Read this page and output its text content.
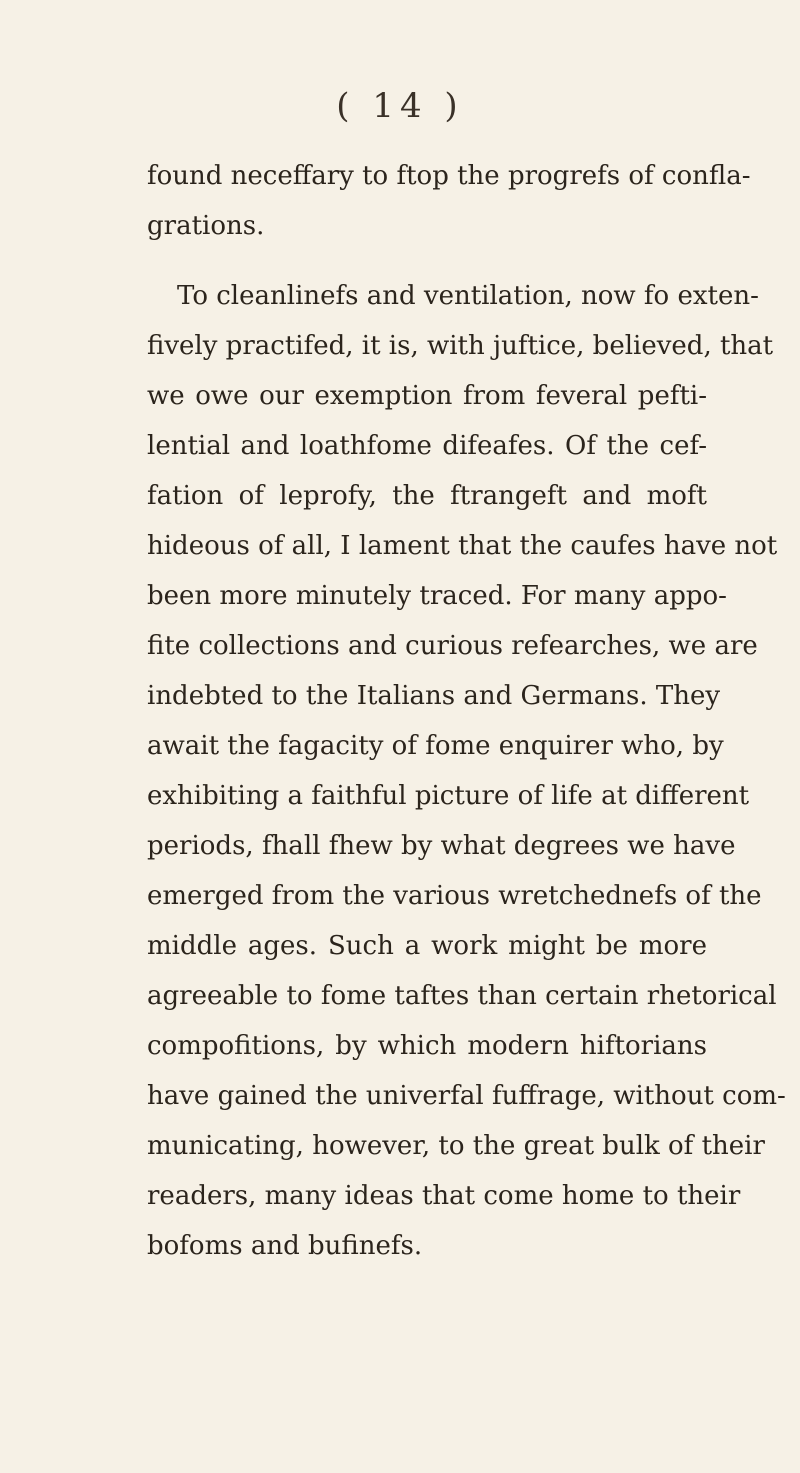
( 14 )
found neceffary to ftop the progrefs of confla-
grations.
To cleanlinefs and ventilation, now fo exten-
fively practifed, it is, with juftice, believed, that
we owe our exemption from feveral pefti-
lential and loathfome difeafes. Of the cef-
fation of leprofy, the ftrangeft and moft
hideous of all, I lament that the caufes have not
been more minutely traced. For many appo-
fite collections and curious refearches, we are
indebted to the Italians and Germans. They
await the fagacity of fome enquirer who, by
exhibiting a faithful picture of life at different
periods, fhall fhew by what degrees we have
emerged from the various wretchednefs of the
middle ages. Such a work might be more
agreeable to fome taftes than certain rhetorical
compofitions, by which modern hiftorians
have gained the univerfal fuffrage, without com-
municating, however, to the great bulk of their
readers, many ideas that come home to their
bofoms and bufinefs.
